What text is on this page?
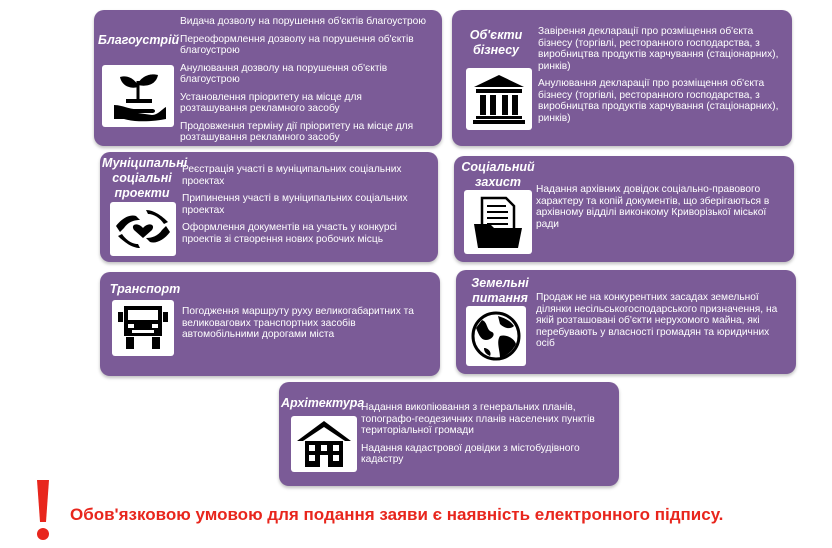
Благоустрій
Видача дозволу на порушення об'єктів благоустрою
Переоформлення дозволу на порушення об'єктів благоустрою
Анулювання дозволу на порушення об'єктів благоустрою
Установлення пріоритету на місце для розташування рекламного засобу
Продовження терміну дії пріоритету на місце для розташування рекламного засобу
Об'єкти бізнесу
Завірення декларації про розміщення об'єкта бізнесу (торгівлі, ресторанного господарства, з виробництва продуктів харчування (стаціонарних), ринків)
Анулювання декларації про розміщення об'єкта бізнесу (торгівлі, ресторанного господарства, з виробництва продуктів харчування (стаціонарних), ринків)
Муніципальні соціальні проекти
Реєстрація участі в муніципальних соціальних проектах
Припинення участі в муніципальних соціальних проектах
Оформлення документів на участь у конкурсі проектів зі створення нових робочих місць
Соціальний захист
Надання архівних довідок соціально-правового характеру та копій документів, що зберігаються в архівному відділі виконкому Криворізької міської ради
Транспорт
Погодження маршруту руху великогабаритних та великовагових транспортних засобів автомобільними дорогами міста
Земельні питання Продаж не на конкурентних засадах земельної ділянки несільськогосподарського призначення, на якій розташовані об'єкти нерухомого майна, які перебувають у власності громадян та юридичних осіб
Архітектура
Надання викопіювання з генеральних планів, топографо-геодезичних планів населених пунктів територіальної громади
Надання кадастрової довідки з містобудівного кадастру
Обов'язковою умовою для подання заяви є наявність електронного підпису.
